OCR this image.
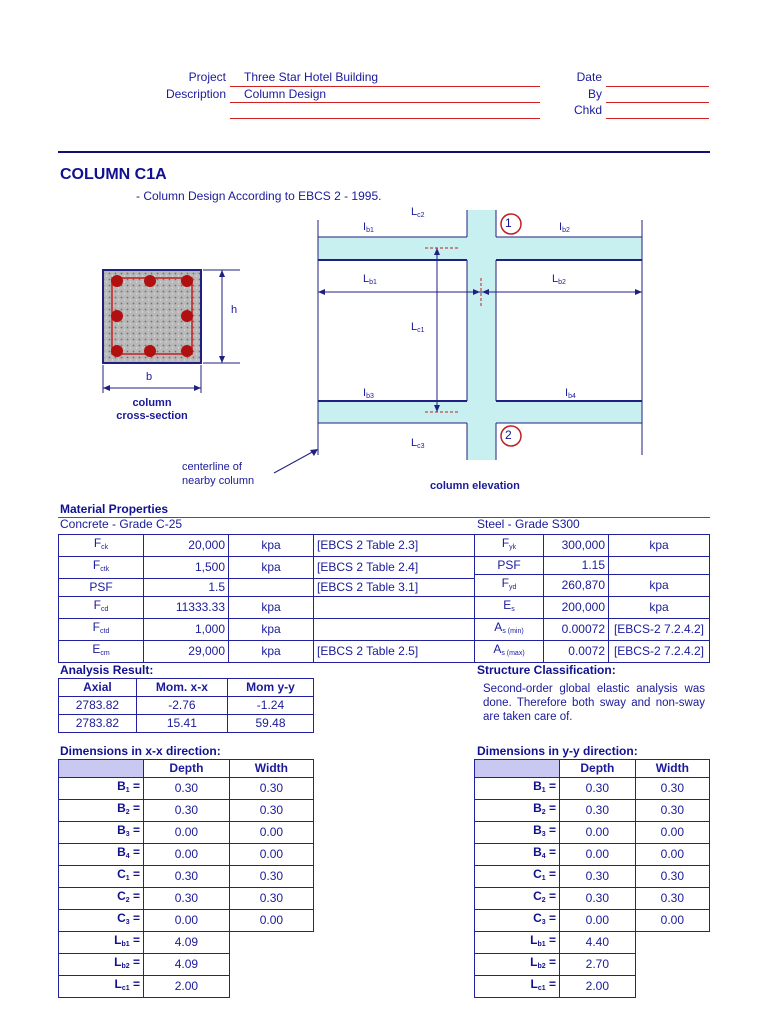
Project Three Star Hotel Building
Description Column Design
Date
By
Chkd
COLUMN C1A
- Column Design According to EBCS 2 - 1995.
1
2
h
b
column
cross-section
centerline of
nearby column	column elevation
$L_{c2}$
$I_{b1}$	$I_{b2}$
$L_{b1}$	$L_{b2}$
$L_{c1}$
$I_{b3}$	$I_{b4}$
$L_{c3}$
Material Properties
Concrete - Grade C-25	Steel - Grade S300
$F_{ck}$	20,000	kpa	[EBCS 2 Table 2.3]
$F_{ctk}$	1,500	kpa	[EBCS 2 Table 2.4]
PSF	1.5		[EBCS 2 Table 3.1]
$F_{cd}$	11333.33	kpa	
$F_{ctd}$	1,000	kpa	
$E_{cm}$	29,000	kpa	[EBCS 2 Table 2.5]
$F_{yk}$	300,000	kpa
PSF	1.15	
$F_{yd}$	260,870	kpa
$E_s$	200,000	kpa
$A_{s (min)}$	0.00072	[EBCS-2 7.2.4.2]
$A_{s (max)}$	0.0072	[EBCS-2 7.2.4.2]
Analysis Result:
Axial	Mom. x-x	Mom y-y
2783.82	-2.76	-1.24
2783.82	15.41	59.48
Structure Classification:
Second-order global elastic analysis was done. Therefore both sway and non-sway are taken care of.
Dimensions in x-x direction:
	Depth	Width
$B_1$ =	0.30	0.30
$B_2$ =	0.30	0.30
$B_3$ =	0.00	0.00
$B_4$ =	0.00	0.00
$C_1$ =	0.30	0.30
$C_2$ =	0.30	0.30
$C_3$ =	0.00	0.00
$L_{b1}$ =	4.09	
$L_{b2}$ =	4.09	
$L_{c1}$ =	2.00	
Dimensions in y-y direction:
	Depth	Width
$B_1$ =	0.30	0.30
$B_2$ =	0.30	0.30
$B_3$ =	0.00	0.00
$B_4$ =	0.00	0.00
$C_1$ =	0.30	0.30
$C_2$ =	0.30	0.30
$C_3$ =	0.00	0.00
$L_{b1}$ =	4.40	
$L_{b2}$ =	2.70	
$L_{c1}$ =	2.00	
